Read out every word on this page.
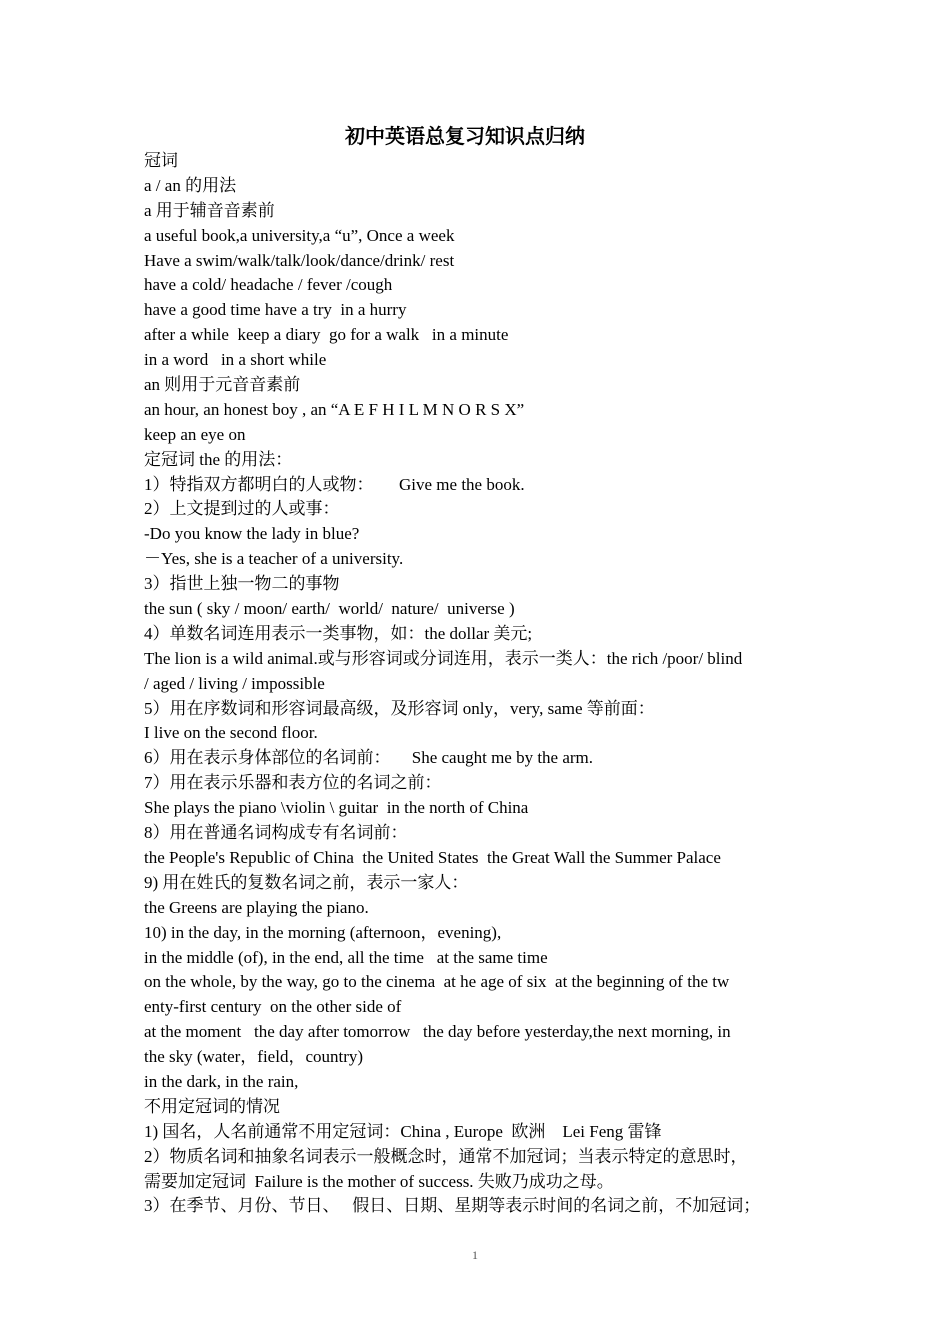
初中英语总复习知识点归纳
冠词
a / an 的用法
a 用于辅音音素前
a useful book,a university,a “u”, Once a week
Have a swim/walk/talk/look/dance/drink/ rest
have a cold/ headache / fever /cough
have a good time have a try  in a hurry
after a while  keep a diary  go for a walk   in a minute
in a word   in a short while
an 则用于元音音素前
an hour, an honest boy , an “A E F H I L M N O R S X”
keep an eye on
定冠词 the 的用法：
1）特指双方都明白的人或物：      Give me the book.
2）上文提到过的人或事：
-Do you know the lady in blue?
－Yes, she is a teacher of a university.
3）指世上独一物二的事物
the sun ( sky / moon/ earth/  world/  nature/  universe )
4）单数名词连用表示一类事物，如：the dollar 美元;
The lion is a wild animal.或与形容词或分词连用，表示一类人：the rich /poor/ blind
/ aged / living / impossible
5）用在序数词和形容词最高级，及形容词 only，very, same 等前面：
I live on the second floor.
6）用在表示身体部位的名词前：     She caught me by the arm.
7）用在表示乐器和表方位的名词之前：
She plays the piano \violin \ guitar  in the north of China
8）用在普通名词构成专有名词前：
the People's Republic of China  the United States  the Great Wall the Summer Palace
9) 用在姓氏的复数名词之前，表示一家人：
the Greens are playing the piano.
10) in the day, in the morning (afternoon，evening),
in the middle (of), in the end, all the time   at the same time
on the whole, by the way, go to the cinema  at he age of six  at the beginning of the tw
enty-first century  on the other side of
at the moment   the day after tomorrow   the day before yesterday,the next morning, in
the sky (water，field，country)
in the dark, in the rain,
不用定冠词的情况
1) 国名，人名前通常不用定冠词：China , Europe  欧洲    Lei Feng 雷锋
2）物质名词和抽象名词表示一般概念时，通常不加冠词；当表示特定的意思时，
需要加定冠词  Failure is the mother of success. 失败乃成功之母。
3）在季节、月份、节日、   假日、日期、星期等表示时间的名词之前，不加冠词；
1
